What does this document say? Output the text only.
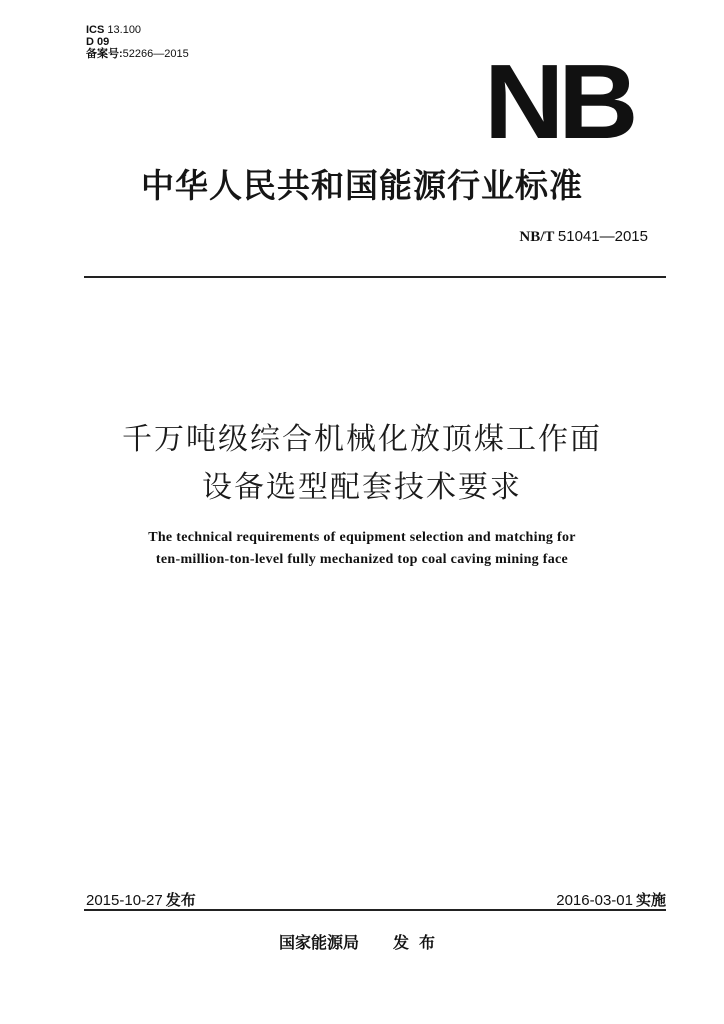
ICS 13.100
D 09
备案号:52266—2015	NB
中华人民共和国能源行业标准
NB/T 51041—2015
千万吨级综合机械化放顶煤工作面
设备选型配套技术要求
The technical requirements of equipment selection and matching for
ten-million-ton-level fully mechanized top coal caving mining face
2015-10-27 发布	2016-03-01 实施
国家能源局 发布
